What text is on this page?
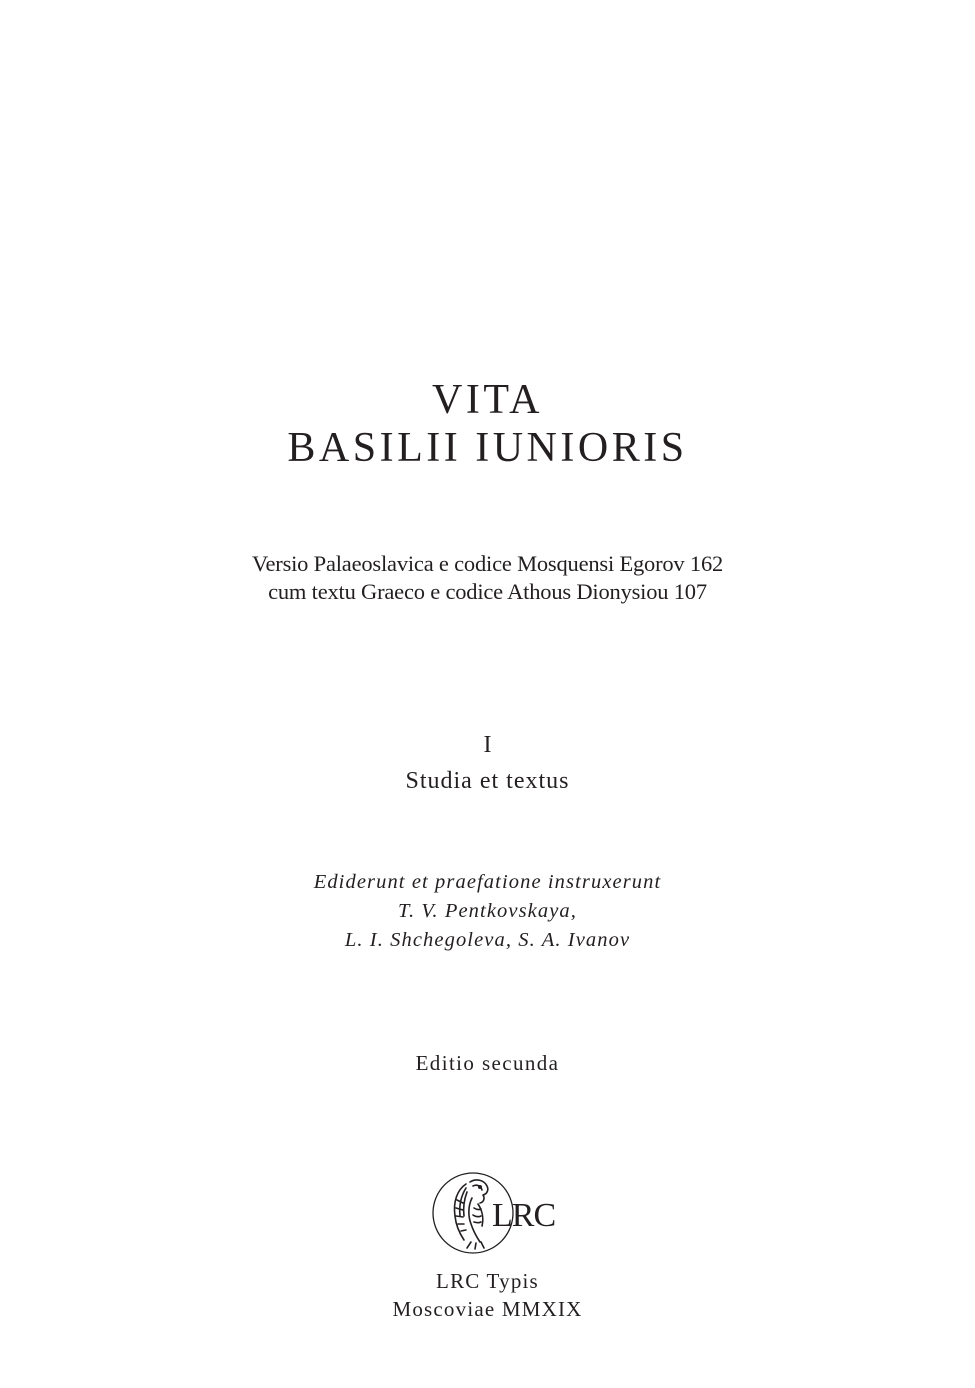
VITA
BASILII IUNIORIS
Versio Palaeoslavica e codice Mosquensi Egorov 162
cum textu Graeco e codice Athous Dionysiou 107
I
Studia et textus
Ediderunt et praefatione instruxerunt
T. V. Pentkovskaya,
L. I. Shchegoleva, S. A. Ivanov
Editio secunda
LRC
LRC Typis
Moscoviae MMXIX
